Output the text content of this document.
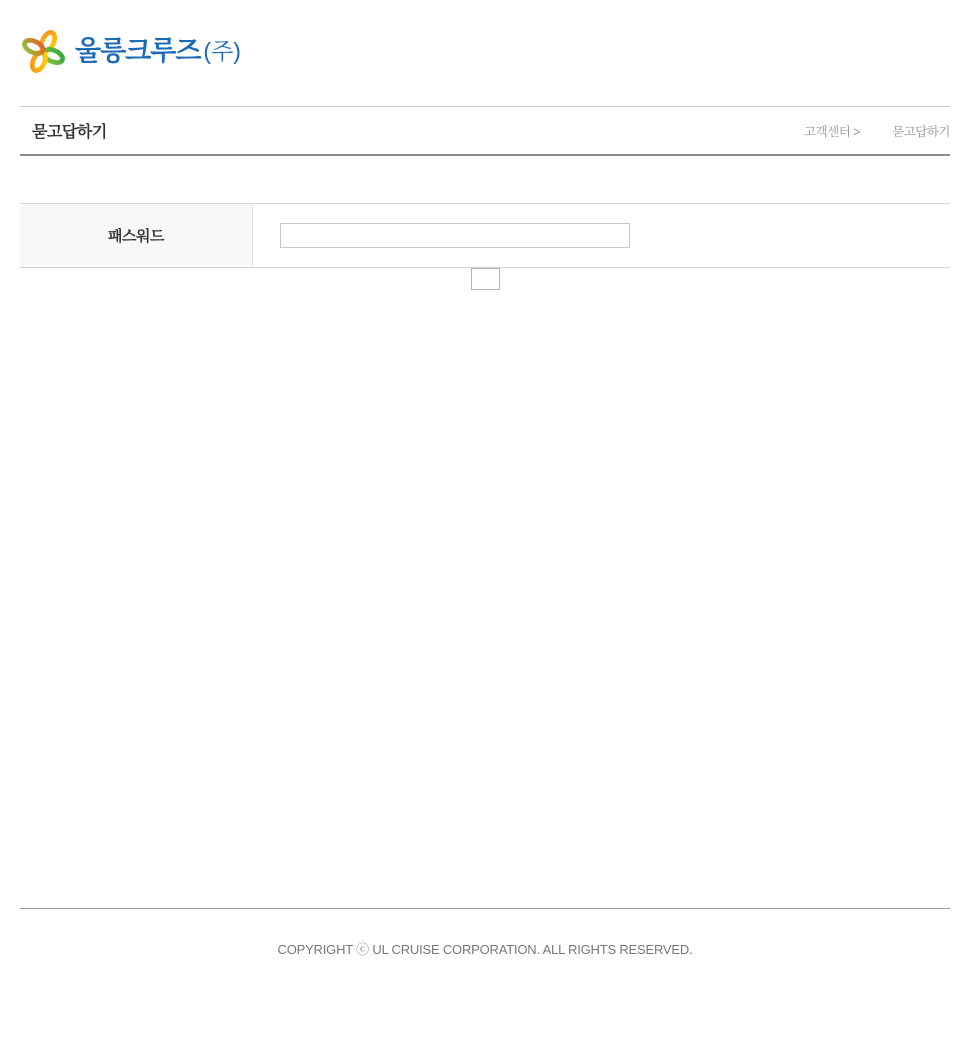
울릉크루즈 (주)
묻고답하기	고객센터 >	묻고답하기
패스워드

COPYRIGHT ⓒ UL CRUISE CORPORATION. ALL RIGHTS RESERVED.
